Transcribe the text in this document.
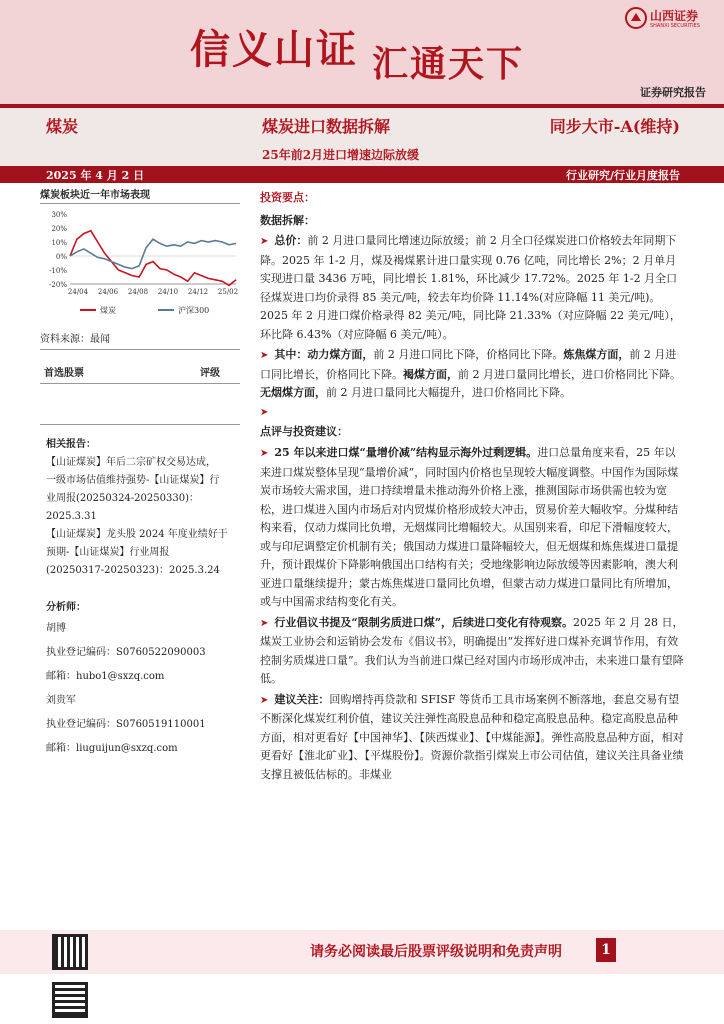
信义山证 汇通天下
山西证券
SHANXI SECURITIES
证券研究报告
煤炭	煤炭进口数据拆解	同步大市-A(维持)
25年前2月进口增速边际放缓
2025 年 4 月 2 日	行业研究/行业月度报告
煤炭板块近一年市场表现
30%
20%
10%
0%
-10%
-20%
24/04 24/06 24/08 24/10 24/12 25/02
煤炭	沪深300
资料来源：最闻
首选股票	评级
相关报告：

【山证煤炭】年后二宗矿权交易达成，

一级市场估值维持强势-【山证煤炭】行

业周报(20250324-20250330)：2025.3.31

【山证煤炭】龙头股 2024 年度业绩好于

预期-【山证煤炭】行业周报

(20250317-20250323)：2025.3.24

分析师：

胡博

执业登记编码：S0760522090003

邮箱：hubo1@sxzq.com

刘贵军

执业登记编码：S0760519110001

邮箱：liuguijun@sxzq.com

投资要点：
数据拆解：

➤ 总价：前 2 月进口量同比增速边际放缓；前 2 月全口径煤炭进口价格较去年同期下降。2025 年 1-2 月，煤及褐煤累计进口量实现 0.76 亿吨，同比增长 2%；2 月单月实现进口量 3436 万吨，同比增长 1.81%，环比减少 17.72%。2025 年 1-2 月全口径煤炭进口均价录得 85 美元/吨，较去年均价降 11.14%(对应降幅 11 美元/吨)。2025 年 2 月进口煤价格录得 82 美元/吨，同比降 21.33%（对应降幅 22 美元/吨），环比降 6.43%（对应降幅 6 美元/吨）。

➤ 其中：动力煤方面，前 2 月进口同比下降，价格同比下降。炼焦煤方面，前 2 月进口同比增长，价格同比下降。褐煤方面，前 2 月进口量同比增长，进口价格同比下降。无烟煤方面，前 2 月进口量同比大幅提升，进口价格同比下降。

➤

点评与投资建议：

➤ 25 年以来进口煤“量增价减”结构显示海外过剩逻辑。进口总量角度来看，25 年以来进口煤炭整体呈现“量增价减”，同时国内价格也呈现较大幅度调整。中国作为国际煤炭市场较大需求国，进口持续增量未推动海外价格上涨，推测国际市场供需也较为宽松，进口煤进入国内市场后对内贸煤价格形成较大冲击，贸易价差大幅收窄。分煤种结构来看，仅动力煤同比负增，无烟煤同比增幅较大。从国别来看，印尼下滑幅度较大，或与印尼调整定价机制有关；俄国动力煤进口量降幅较大，但无烟煤和炼焦煤进口量提升，预计跟煤价下降影响俄国出口结构有关；受地缘影响边际放缓等因素影响，澳大利亚进口量继续提升；蒙古炼焦煤进口量同比负增，但蒙古动力煤进口量同比有所增加，或与中国需求结构变化有关。

➤ 行业倡议书提及“限制劣质进口煤”，后续进口变化有待观察。2025 年 2 月 28 日，煤炭工业协会和运销协会发布《倡议书》，明确提出“发挥好进口煤补充调节作用，有效控制劣质煤进口量”。我们认为当前进口煤已经对国内市场形成冲击，未来进口量有望降低。

➤ 建议关注：回购增持再贷款和 SFISF 等货币工具市场案例不断落地，套息交易有望不断深化煤炭红利价值，建议关注弹性高股息品种和稳定高股息品种。稳定高股息品种方面，相对更看好【中国神华】、【陕西煤业】、【中煤能源】。弹性高股息品种方面，相对更看好【淮北矿业】、【平煤股份】。资源价款指引煤炭上市公司估值，建议关注具备业绩支撑且被低估标的。非煤业

请务必阅读最后股票评级说明和免责声明	1
